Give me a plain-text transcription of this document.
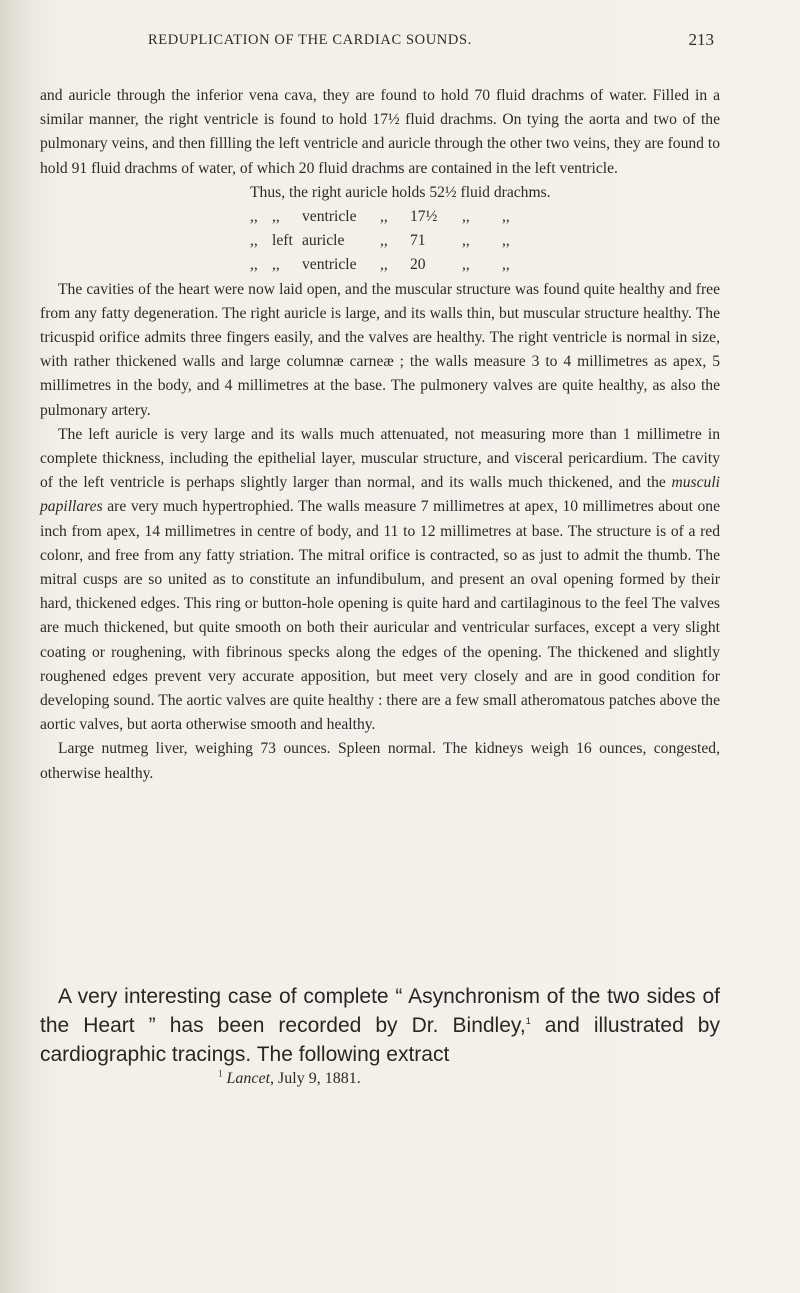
REDUPLICATION OF THE CARDIAC SOUNDS.	213

and auricle through the inferior vena cava, they are found to hold 70 fluid drachms of water. Filled in a similar manner, the right ventricle is found to hold 17½ fluid drachms. On tying the aorta and two of the pulmonary veins, and then fillling the left ventricle and auricle through the other two veins, they are found to hold 91 fluid drachms of water, of which 20 fluid drachms are contained in the left ventricle.

Thus, the right auricle holds
52½ fluid drachms.
,, ,,	ventricle	,,	17½	,,	,,
,, left auricle	,,	71	,,	,,
,, ,,	ventricle	,,	20	,,	,,

The cavities of the heart were now laid open, and the muscular structure was found quite healthy and free from any fatty degeneration. The right auricle is large, and its walls thin, but muscular structure healthy. The tricuspid orifice admits three fingers easily, and the valves are healthy. The right ventricle is normal in size, with rather thickened walls and large columnæ carneæ ; the walls measure 3 to 4 millimetres as apex, 5 millimetres in the body, and 4 millimetres at the base. The pulmonery valves are quite healthy, as also the pulmonary artery.

The left auricle is very large and its walls much attenuated, not measuring more than 1 millimetre in complete thickness, including the epithelial layer, muscular structure, and visceral pericardium. The cavity of the left ventricle is perhaps slightly larger than normal, and its walls much thickened, and the musculi papillares are very much hypertrophied. The walls measure 7 millimetres at apex, 10 millimetres about one inch from apex, 14 millimetres in centre of body, and 11 to 12 millimetres at base. The structure is of a red colonr, and free from any fatty striation. The mitral orifice is contracted, so as just to admit the thumb. The mitral cusps are so united as to constitute an infundibulum, and present an oval opening formed by their hard, thickened edges. This ring or button-hole opening is quite hard and cartilaginous to the feel The valves are much thickened, but quite smooth on both their auricular and ventricular surfaces, except a very slight coating or roughening, with fibrinous specks along the edges of the opening. The thickened and slightly roughened edges prevent very accurate apposition, but meet very closely and are in good condition for developing sound. The aortic valves are quite healthy : there are a few small atheromatous patches above the aortic valves, but aorta otherwise smooth and healthy.

Large nutmeg liver, weighing 73 ounces. Spleen normal. The kidneys weigh 16 ounces, congested, otherwise healthy.

A very interesting case of complete “ Asynchronism of the two sides of the Heart ” has been recorded by Dr. Bindley,$^1$ and illustrated by cardiographic tracings. The following extract

$^1$ Lancet, July 9, 1881.
